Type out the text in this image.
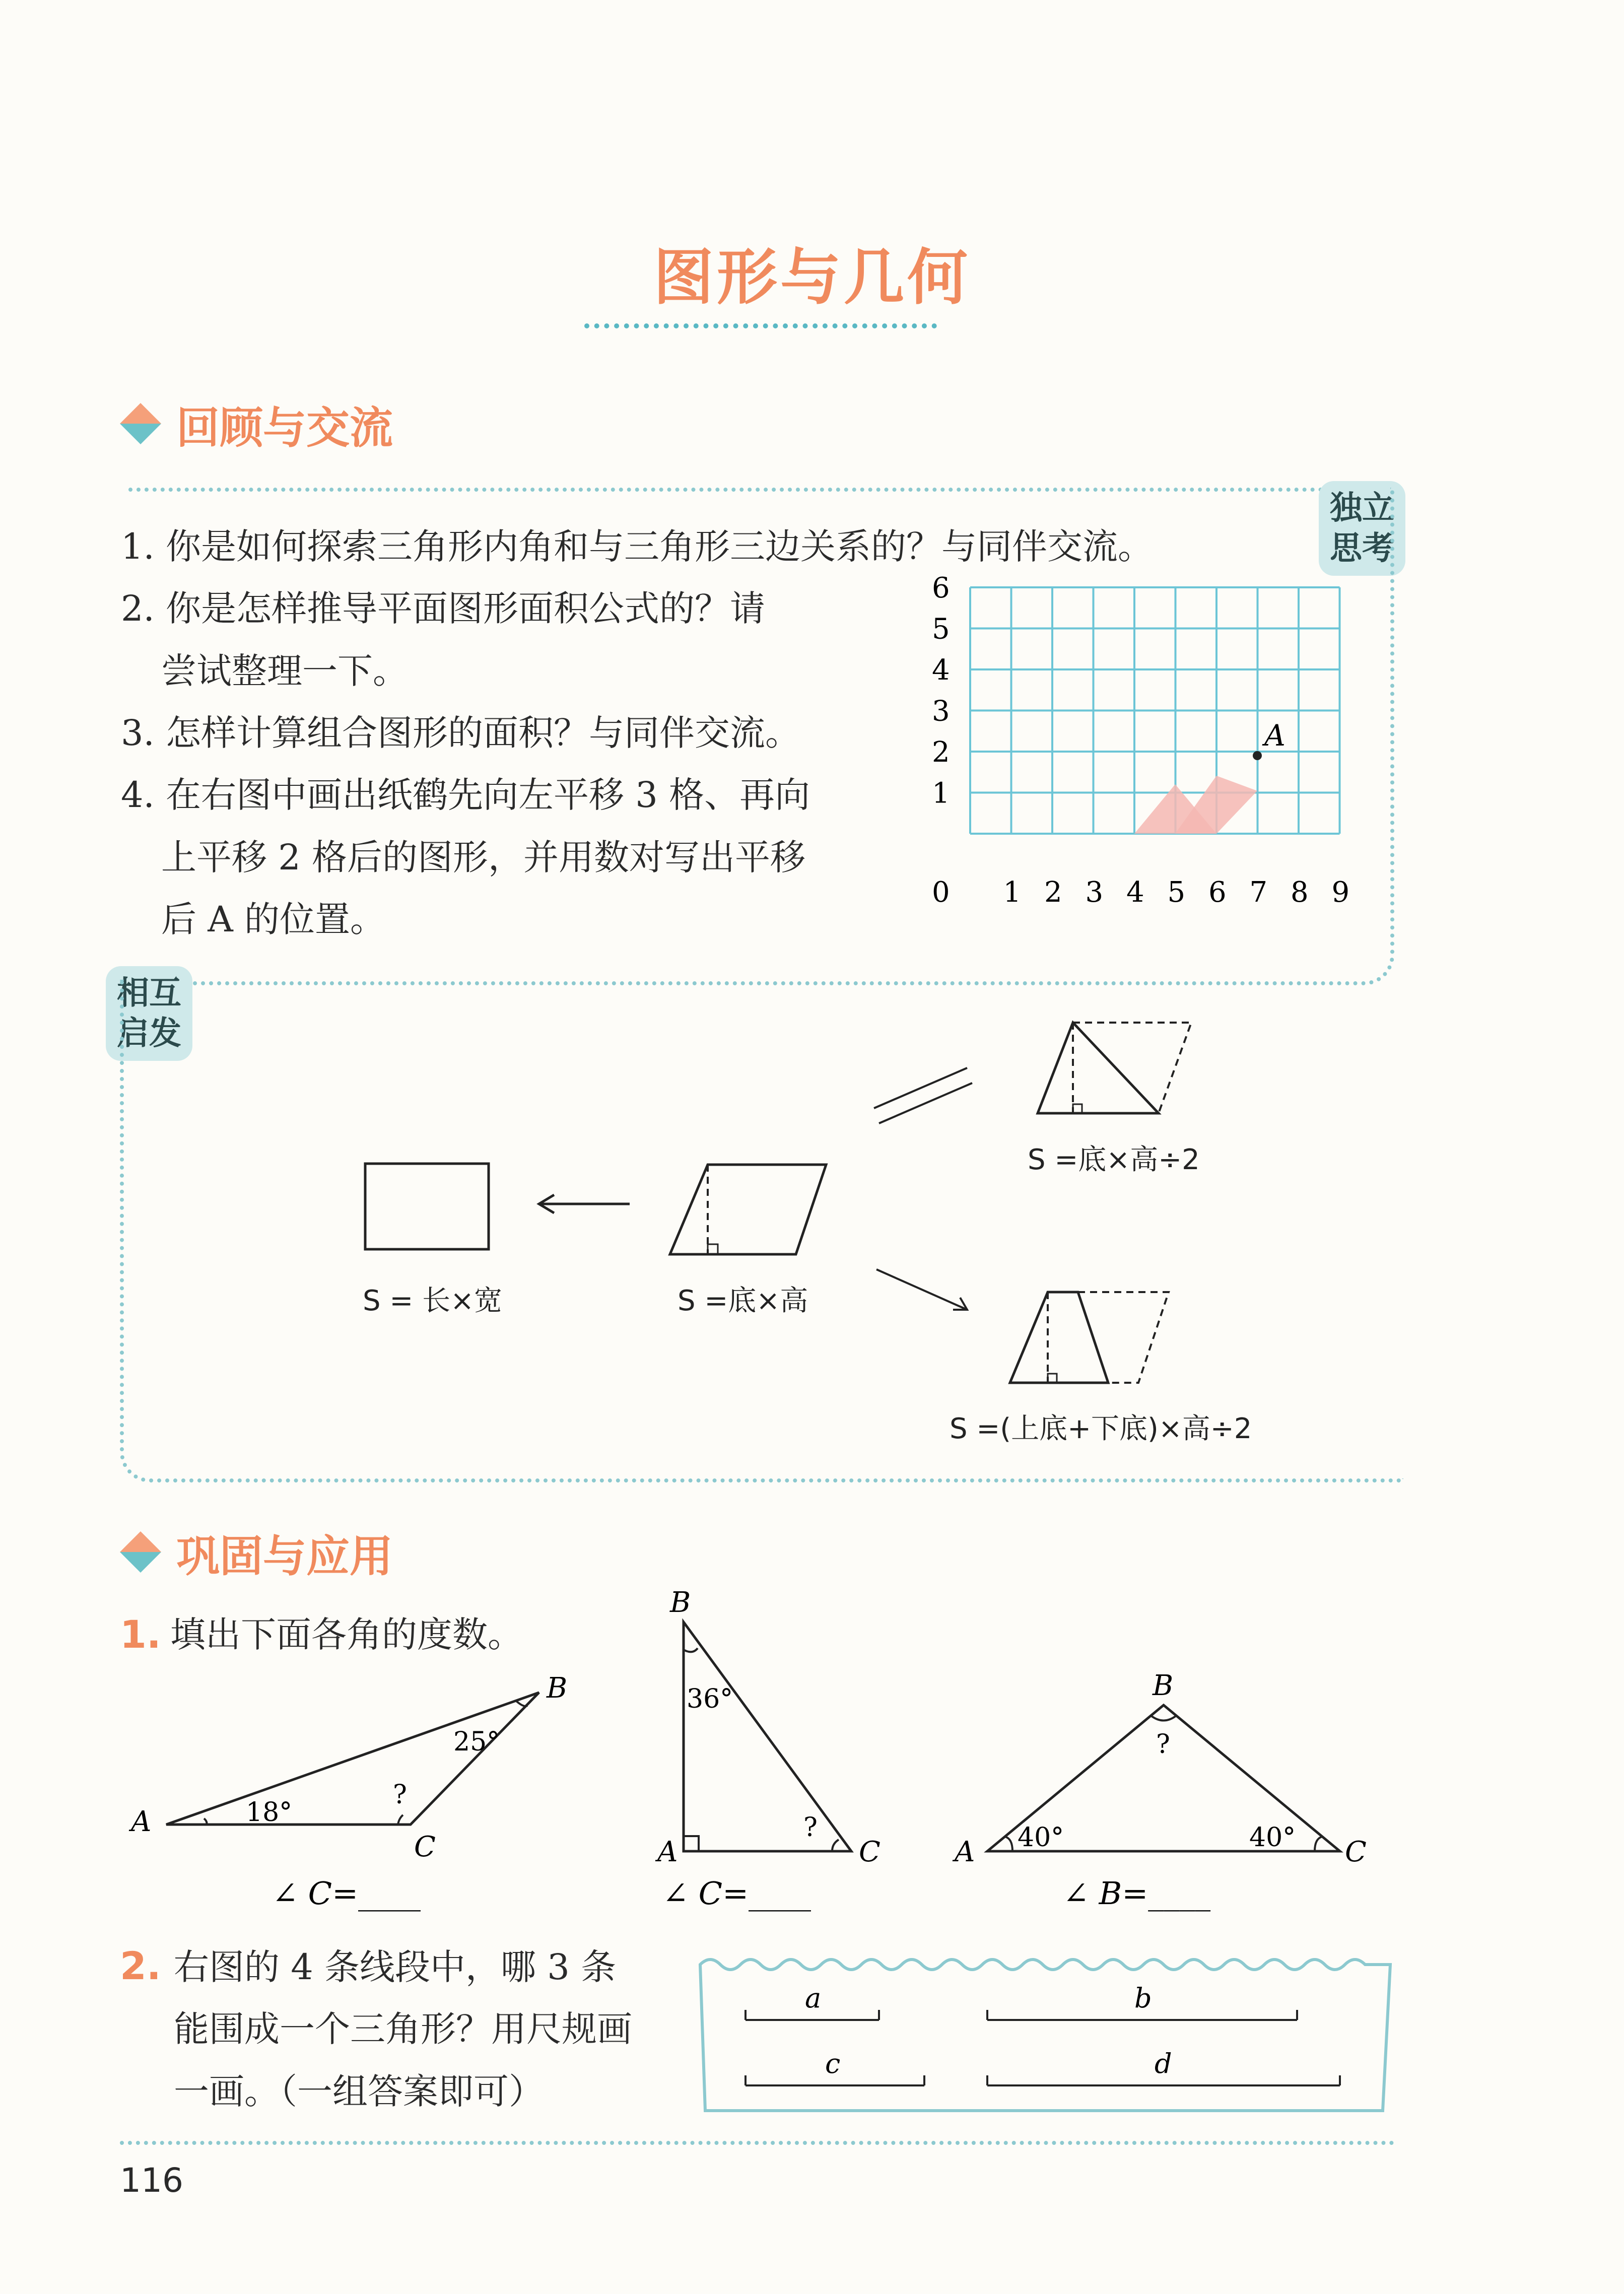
图形与几何
回顾与交流
独立
思考
1. 你是如何探索三角形内角和与三角形三边关系的？与同伴交流。
2. 你是怎样推导平面图形面积公式的？请
尝试整理一下。
3. 怎样计算组合图形的面积？与同伴交流。
4. 在右图中画出纸鹤先向左平移 3 格、再向
上平移 2 格后的图形，并用数对写出平移
后 A 的位置。
A
0 1 2 3 4 5 6 7 8 9
1
2
3
4
5
6
相互
启发
S =底×高÷2
S = 长×宽	S =底×高
S =(上底+下底)×高÷2
巩固与应用
1. 填出下面各角的度数。
A
B
C
25°
18°
?
B
A	C
36°
?
A
B
C
40°	40°
?
∠ C=____	∠ C=____	∠ B=____
2. 右图的 4 条线段中，哪 3 条
能围成一个三角形？用尺规画
一画。（一组答案即可）
a	b
c	d
116
